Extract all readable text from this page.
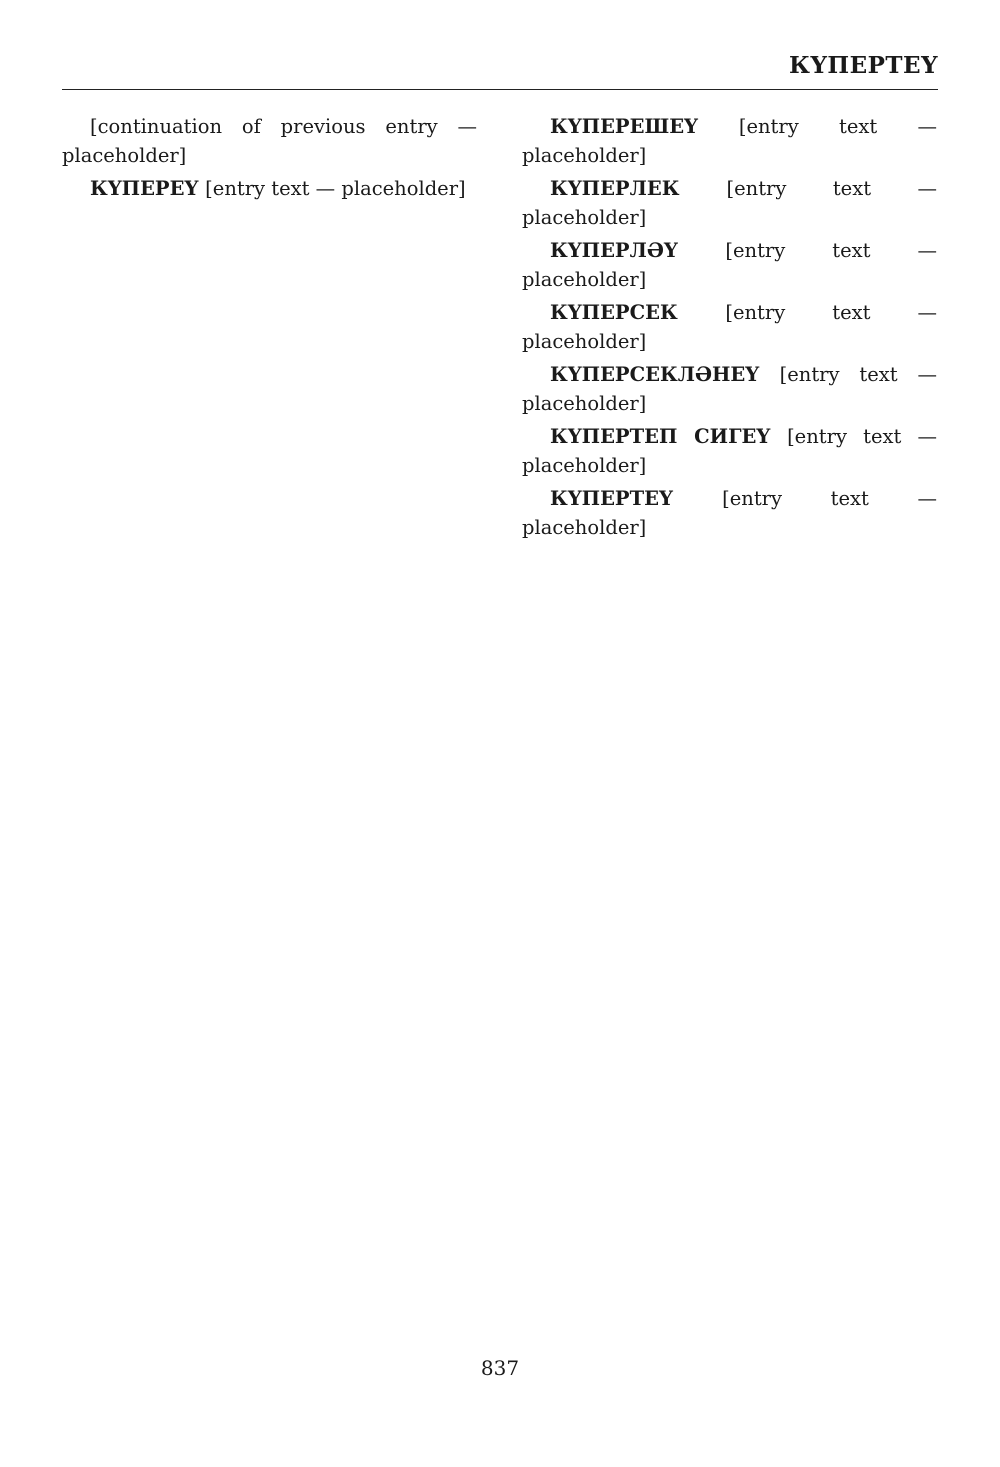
КҮПЕРТЕҮ

[continuation of previous entry — placeholder]

КҮПЕРЕҮ [entry text — placeholder]

КҮПЕРЕШЕҮ [entry text — placeholder]

КҮПЕРЛЕК [entry text — placeholder]

КҮПЕРЛӘҮ [entry text — placeholder]

КҮПЕРСЕК [entry text — placeholder]

КҮПЕРСЕКЛӘНЕҮ [entry text — placeholder]

КҮПЕРТЕП СИГЕҮ [entry text — placeholder]

КҮПЕРТЕҮ [entry text — placeholder]

837
